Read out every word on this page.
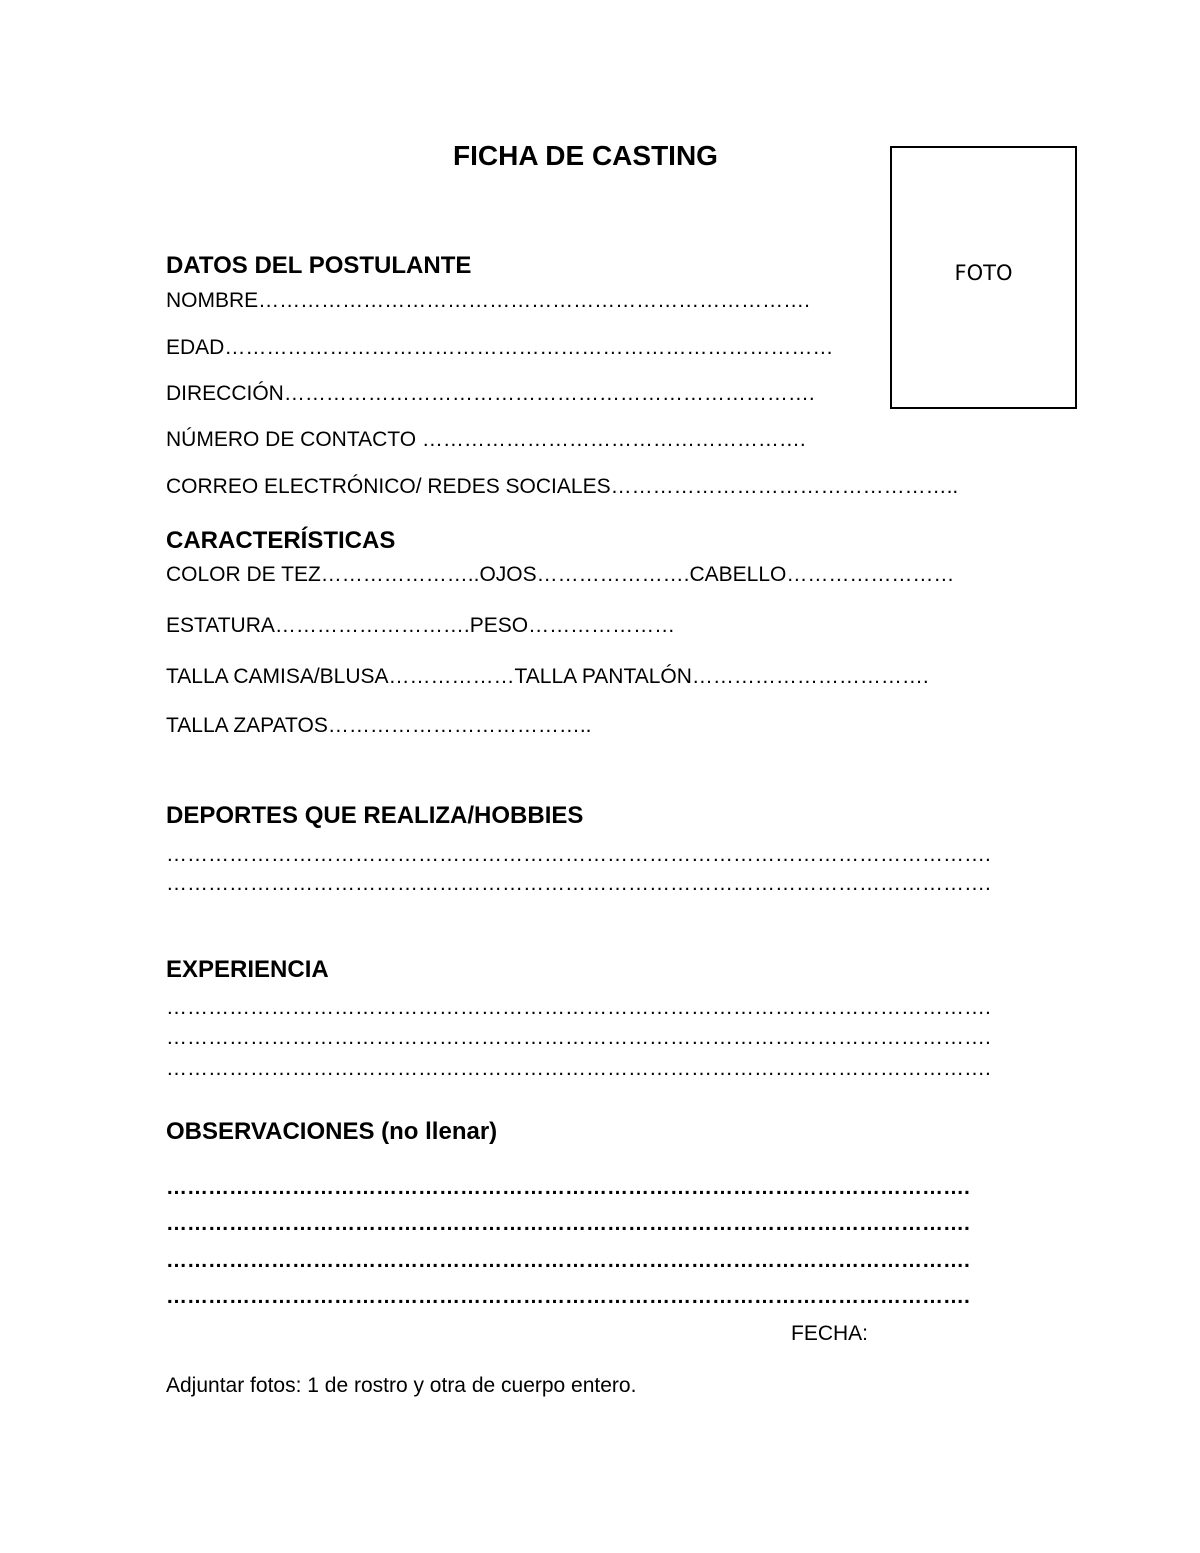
FICHA DE CASTING
FOTO
DATOS DEL POSTULANTE
NOMBRE…………………………………………………………………….
EDAD……………………………………………………………………………
DIRECCIÓN………………………………………………………………….
NÚMERO DE CONTACTO ……………………………………………….
CORREO ELECTRÓNICO/ REDES SOCIALES…………………………………………..
CARACTERÍSTICAS
COLOR DE TEZ…………………..OJOS………………….CABELLO……………………
ESTATURA……………………….PESO…………………
TALLA CAMISA/BLUSA………………TALLA PANTALÓN…………………………….
TALLA ZAPATOS………………………………..
DEPORTES QUE REALIZA/HOBBIES
……………………………………………………………………………………………………….
……………………………………………………………………………………………………….
EXPERIENCIA
……………………………………………………………………………………………………….
……………………………………………………………………………………………………….
……………………………………………………………………………………………………….
OBSERVACIONES (no llenar)
…………………………………………………………………………………………………….
…………………………………………………………………………………………………….
…………………………………………………………………………………………………….
…………………………………………………………………………………………………….
FECHA:
Adjuntar fotos: 1 de rostro y otra de cuerpo entero.
